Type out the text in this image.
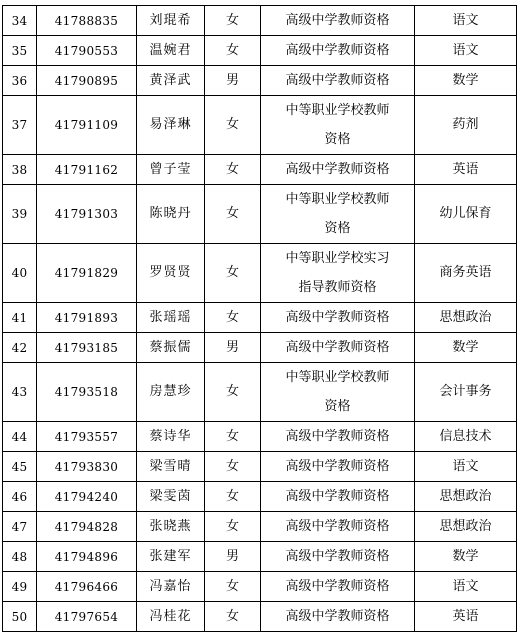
34	41788835	刘琨希	女	高级中学教师资格	语文
35	41790553	温婉君	女	高级中学教师资格	语文
36	41790895	黄泽武	男	高级中学教师资格	数学
37	41791109	易泽琳	女	中等职业学校教师
资格	药剂
38	41791162	曾子莹	女	高级中学教师资格	英语
39	41791303	陈晓丹	女	中等职业学校教师
资格	幼儿保育
40	41791829	罗贤贤	女	中等职业学校实习
指导教师资格	商务英语
41	41791893	张瑶瑶	女	高级中学教师资格	思想政治
42	41793185	蔡振儒	男	高级中学教师资格	数学
43	41793518	房慧珍	女	中等职业学校教师
资格	会计事务
44	41793557	蔡诗华	女	高级中学教师资格	信息技术
45	41793830	梁雪晴	女	高级中学教师资格	语文
46	41794240	梁雯茵	女	高级中学教师资格	思想政治
47	41794828	张晓燕	女	高级中学教师资格	思想政治
48	41794896	张建军	男	高级中学教师资格	数学
49	41796466	冯嘉怡	女	高级中学教师资格	语文
50	41797654	冯桂花	女	高级中学教师资格	英语
